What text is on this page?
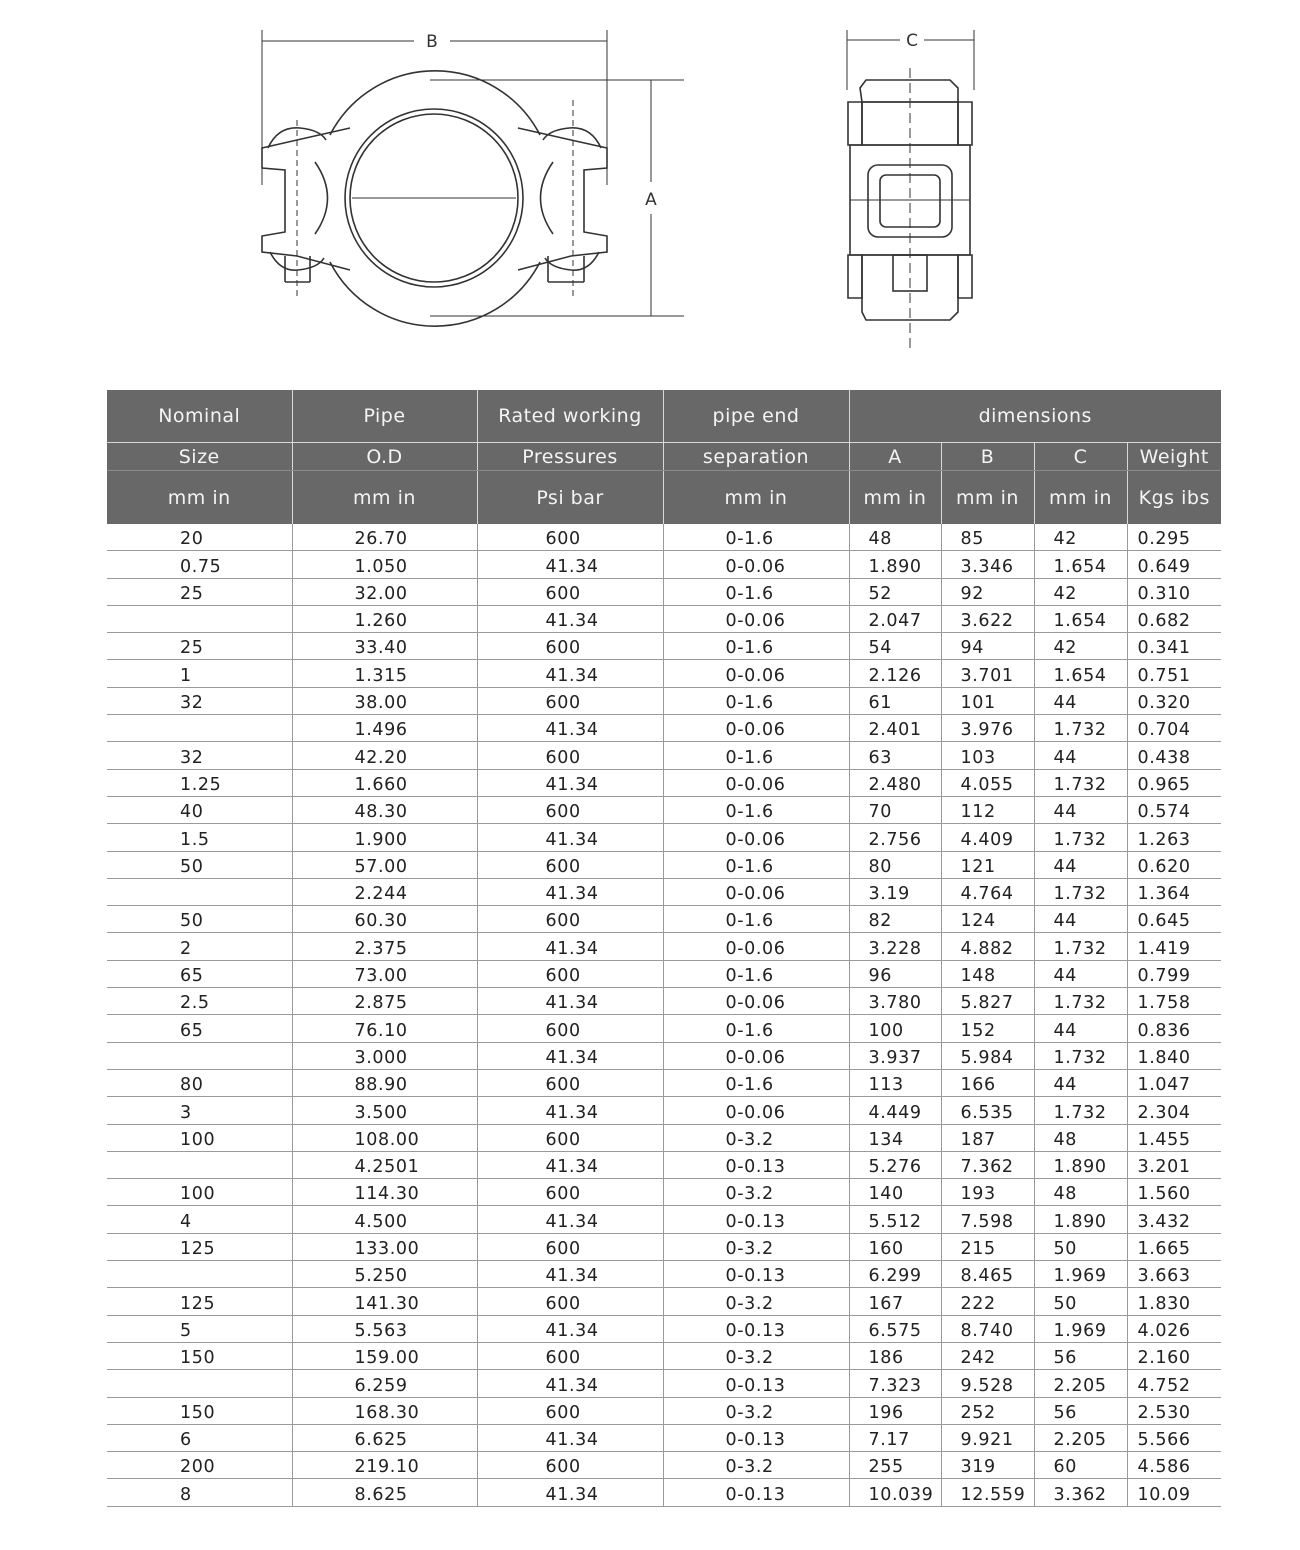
B
A
C
Nominal	Pipe	Rated working	pipe end	dimensions			
Size	O.D	Pressures	separation	A	B	C	Weight
mm in	mm in	Psi bar	mm in	mm in	mm in	mm in	Kgs ibs
20	26.70	600	0-1.6	48	85	42	0.295
0.75	1.050	41.34	0-0.06	1.890	3.346	1.654	0.649
25	32.00	600	0-1.6	52	92	42	0.310
	1.260	41.34	0-0.06	2.047	3.622	1.654	0.682
25	33.40	600	0-1.6	54	94	42	0.341
1	1.315	41.34	0-0.06	2.126	3.701	1.654	0.751
32	38.00	600	0-1.6	61	101	44	0.320
	1.496	41.34	0-0.06	2.401	3.976	1.732	0.704
32	42.20	600	0-1.6	63	103	44	0.438
1.25	1.660	41.34	0-0.06	2.480	4.055	1.732	0.965
40	48.30	600	0-1.6	70	112	44	0.574
1.5	1.900	41.34	0-0.06	2.756	4.409	1.732	1.263
50	57.00	600	0-1.6	80	121	44	0.620
	2.244	41.34	0-0.06	3.19	4.764	1.732	1.364
50	60.30	600	0-1.6	82	124	44	0.645
2	2.375	41.34	0-0.06	3.228	4.882	1.732	1.419
65	73.00	600	0-1.6	96	148	44	0.799
2.5	2.875	41.34	0-0.06	3.780	5.827	1.732	1.758
65	76.10	600	0-1.6	100	152	44	0.836
	3.000	41.34	0-0.06	3.937	5.984	1.732	1.840
80	88.90	600	0-1.6	113	166	44	1.047
3	3.500	41.34	0-0.06	4.449	6.535	1.732	2.304
100	108.00	600	0-3.2	134	187	48	1.455
	4.2501	41.34	0-0.13	5.276	7.362	1.890	3.201
100	114.30	600	0-3.2	140	193	48	1.560
4	4.500	41.34	0-0.13	5.512	7.598	1.890	3.432
125	133.00	600	0-3.2	160	215	50	1.665
	5.250	41.34	0-0.13	6.299	8.465	1.969	3.663
125	141.30	600	0-3.2	167	222	50	1.830
5	5.563	41.34	0-0.13	6.575	8.740	1.969	4.026
150	159.00	600	0-3.2	186	242	56	2.160
	6.259	41.34	0-0.13	7.323	9.528	2.205	4.752
150	168.30	600	0-3.2	196	252	56	2.530
6	6.625	41.34	0-0.13	7.17	9.921	2.205	5.566
200	219.10	600	0-3.2	255	319	60	4.586
8	8.625	41.34	0-0.13	10.039	12.559	3.362	10.09
